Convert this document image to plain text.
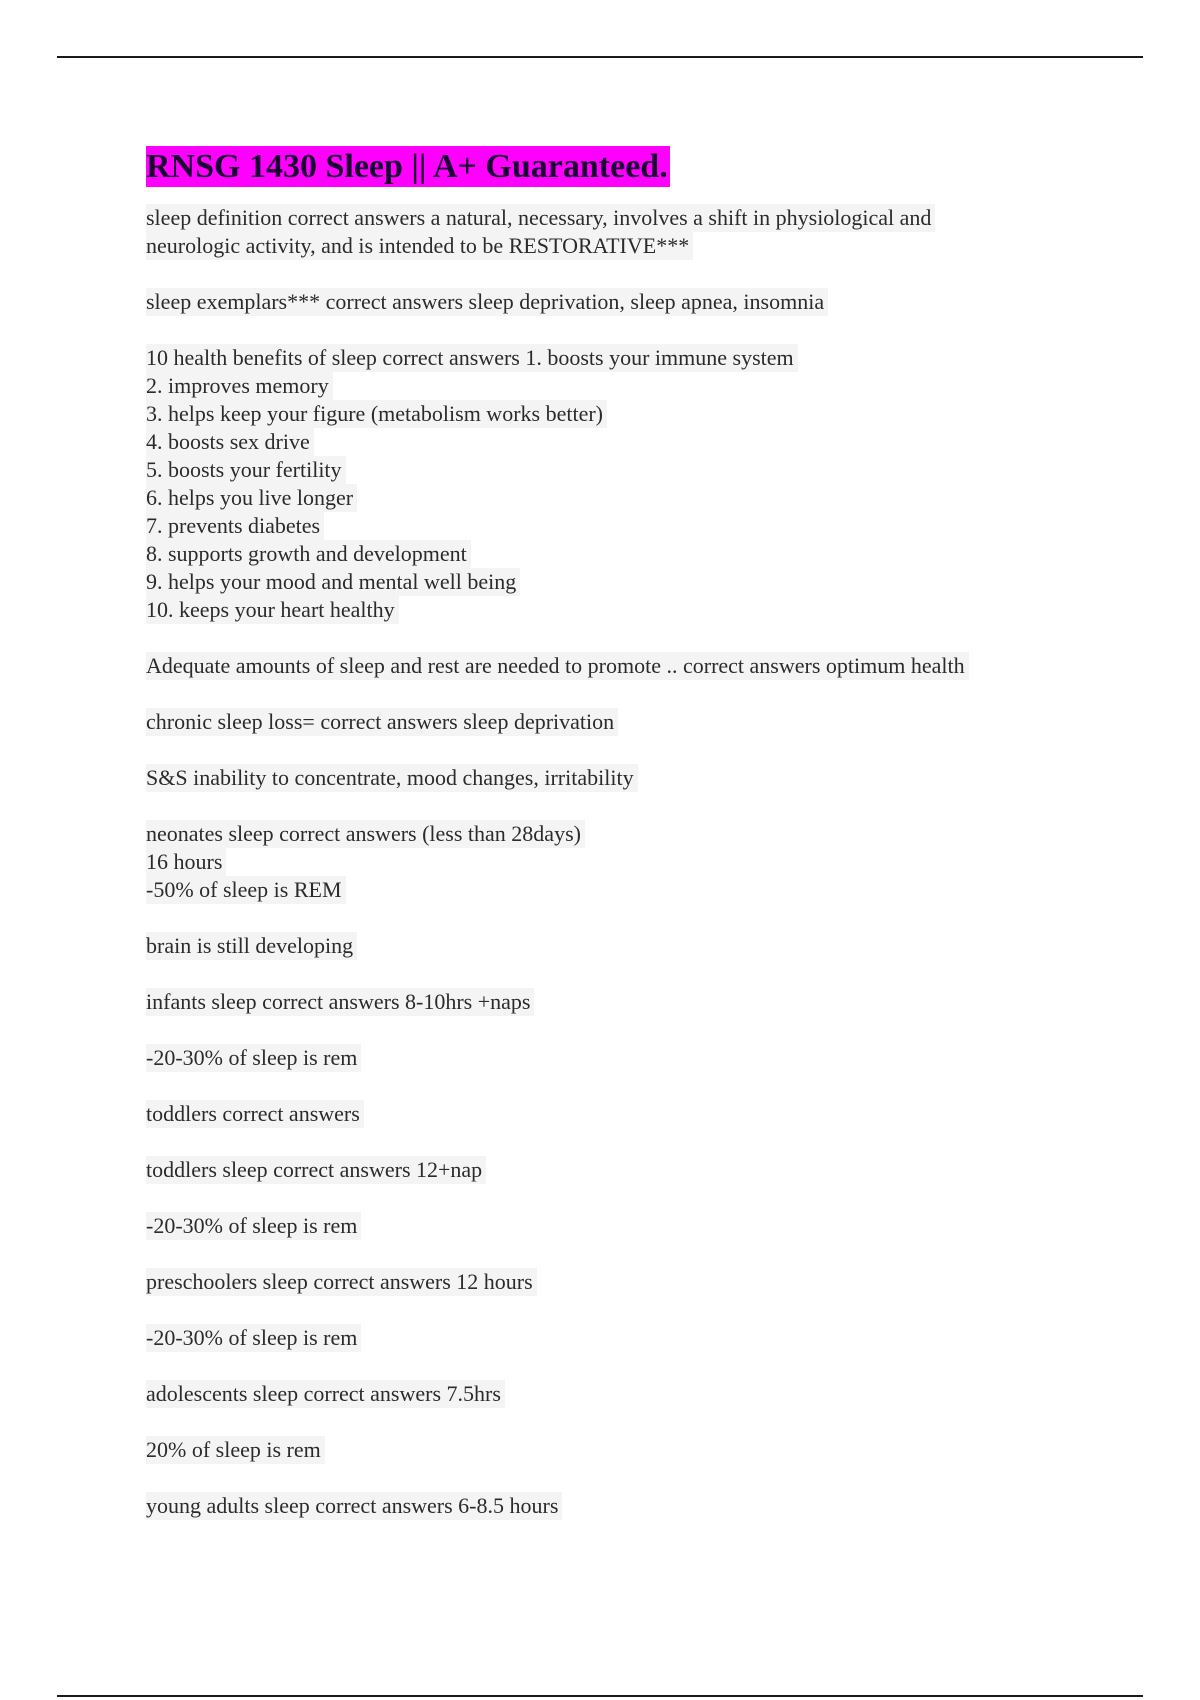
RNSG 1430 Sleep || A+ Guaranteed.
sleep definition correct answers a natural, necessary, involves a shift in physiological and
neurologic activity, and is intended to be RESTORATIVE***
sleep exemplars*** correct answers sleep deprivation, sleep apnea, insomnia
10 health benefits of sleep correct answers 1. boosts your immune system
2. improves memory
3. helps keep your figure (metabolism works better)
4. boosts sex drive
5. boosts your fertility
6. helps you live longer
7. prevents diabetes
8. supports growth and development
9. helps your mood and mental well being
10. keeps your heart healthy
Adequate amounts of sleep and rest are needed to promote .. correct answers optimum health
chronic sleep loss= correct answers sleep deprivation
S&S inability to concentrate, mood changes, irritability
neonates sleep correct answers (less than 28days)
16 hours
-50% of sleep is REM
brain is still developing
infants sleep correct answers 8-10hrs +naps
-20-30% of sleep is rem
toddlers correct answers
toddlers sleep correct answers 12+nap
-20-30% of sleep is rem
preschoolers sleep correct answers 12 hours
-20-30% of sleep is rem
adolescents sleep correct answers 7.5hrs
20% of sleep is rem
young adults sleep correct answers 6-8.5 hours
